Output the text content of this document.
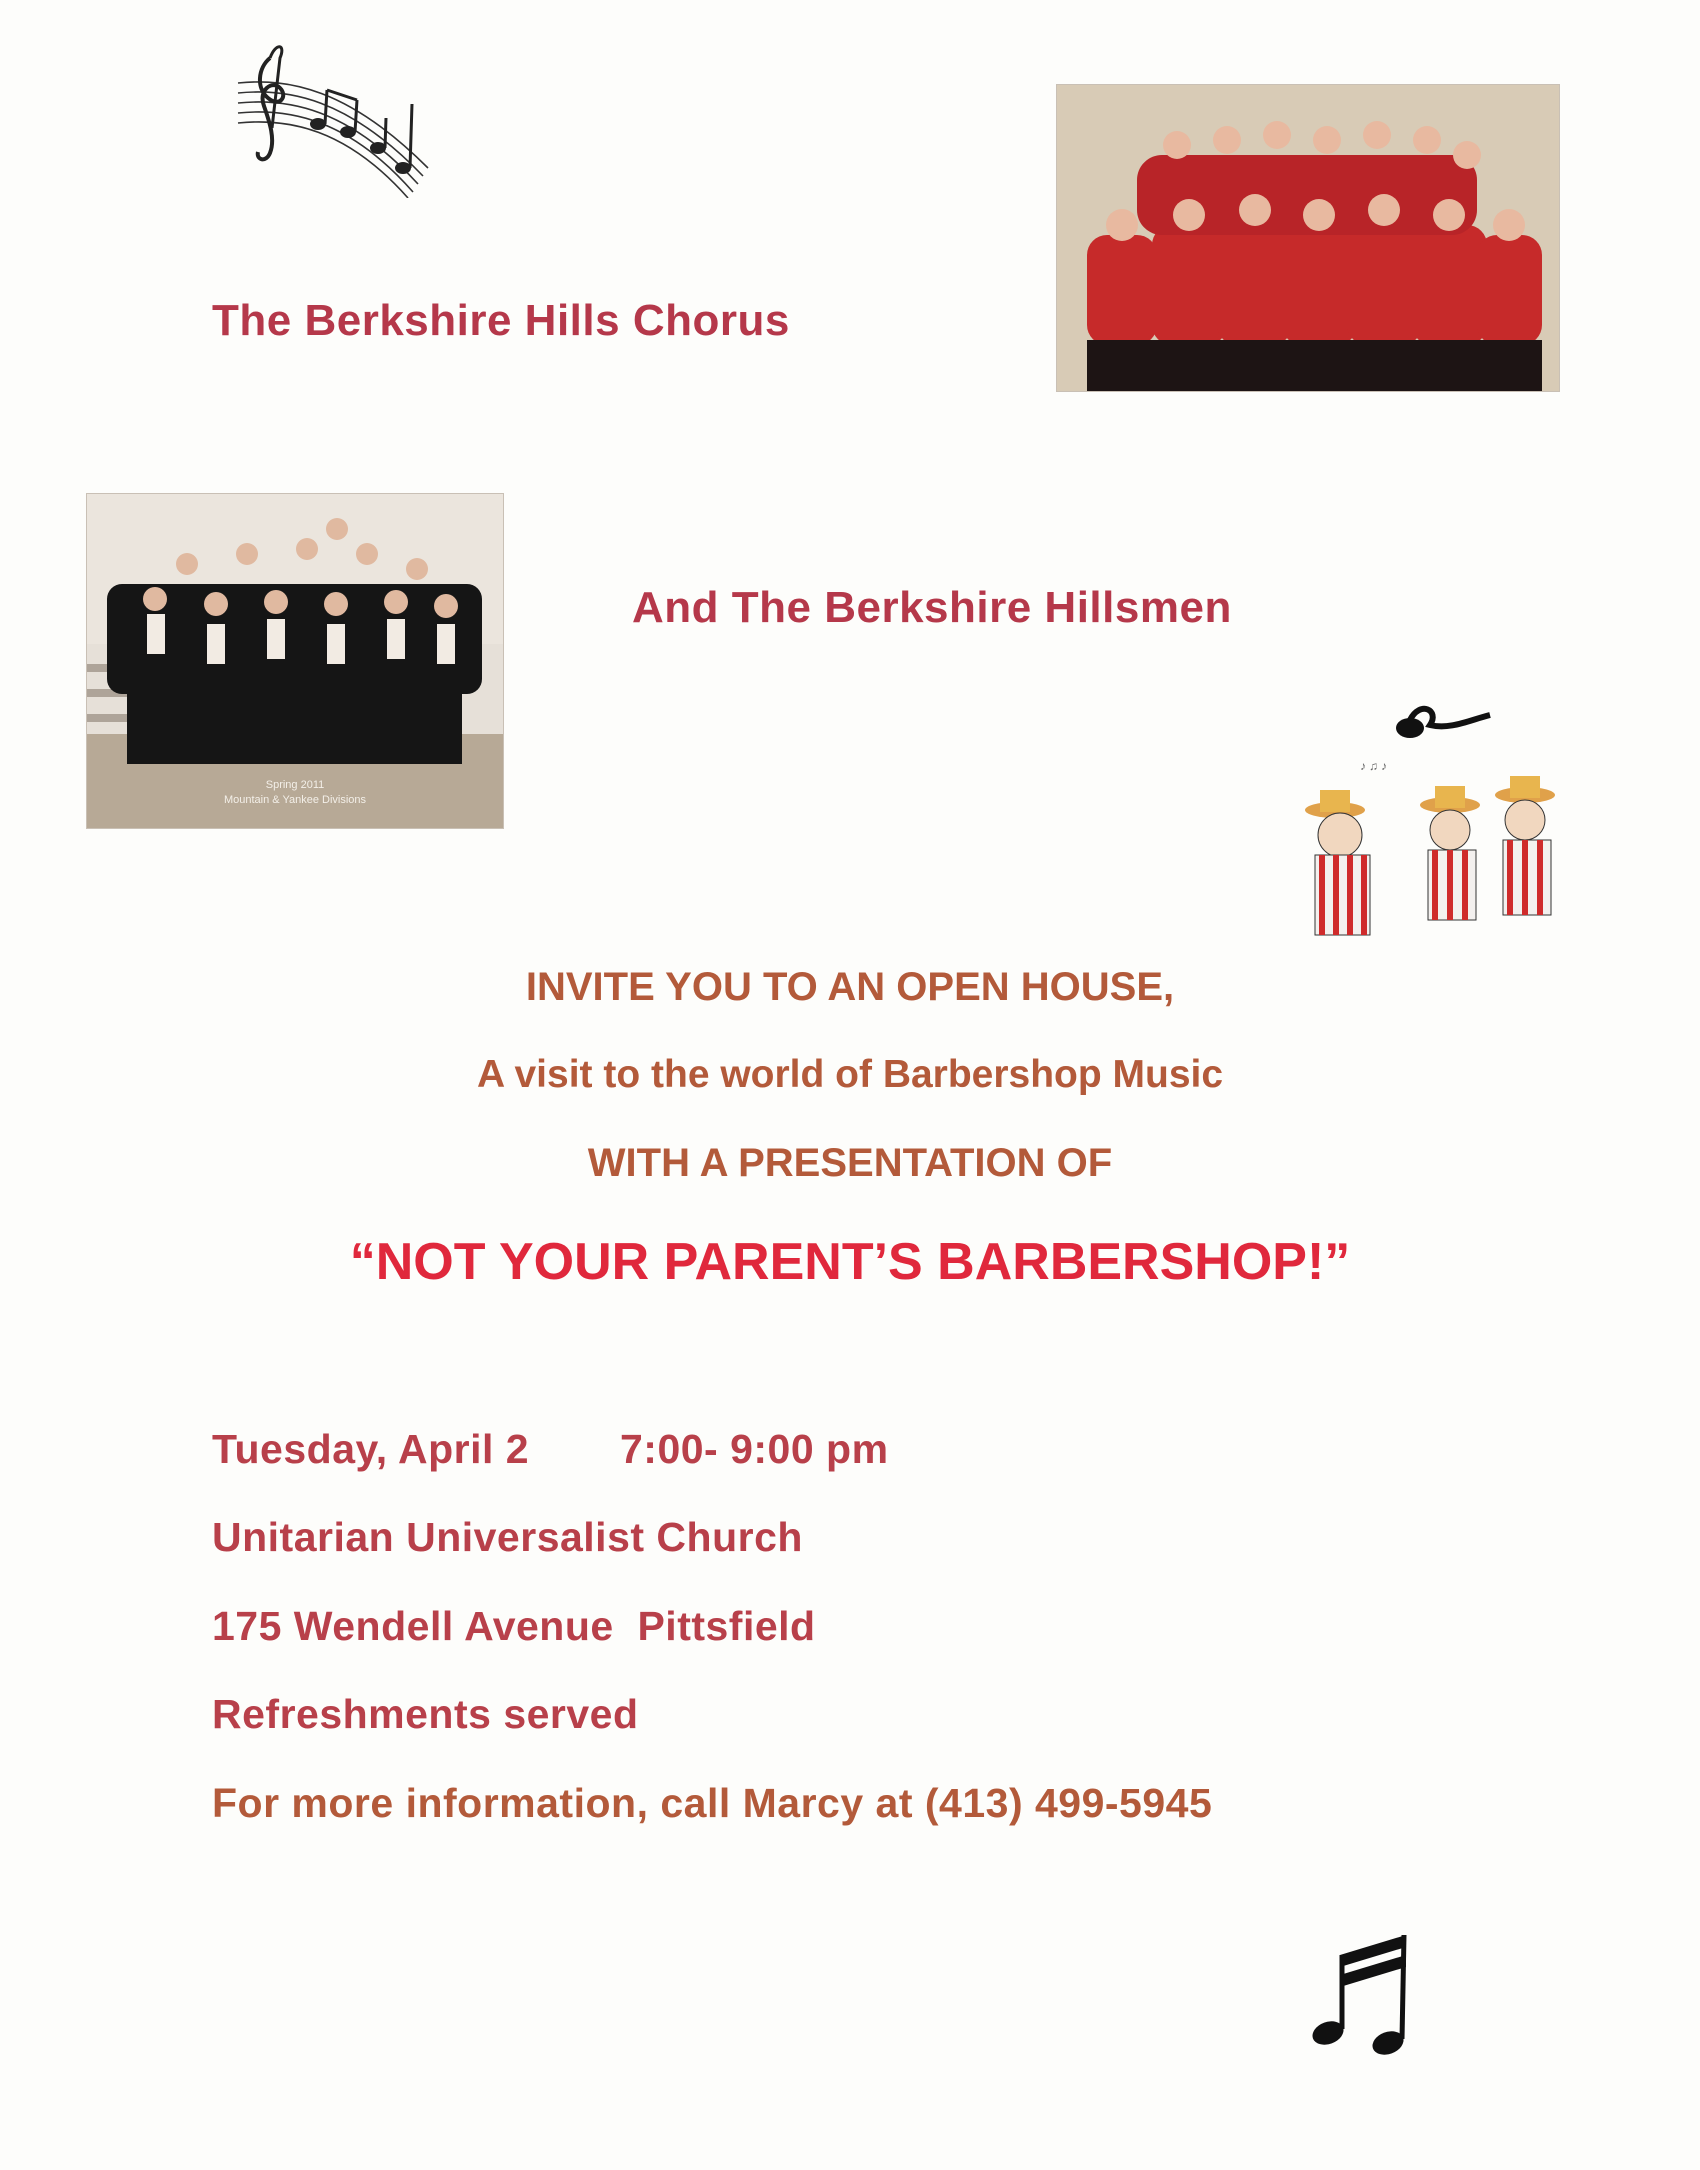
The Berkshire Hills Chorus
Spring 2011
Mountain & Yankee Divisions
And The Berkshire Hillsmen
♪ ♫ ♪
INVITE YOU TO AN OPEN HOUSE,
A visit to the world of Barbershop Music
WITH A PRESENTATION OF
“NOT YOUR PARENT’S BARBERSHOP!”
Tuesday, April 2 7:00- 9:00 pm
Unitarian Universalist Church
175 Wendell Avenue  Pittsfield
Refreshments served
For more information, call Marcy at (413) 499-5945
